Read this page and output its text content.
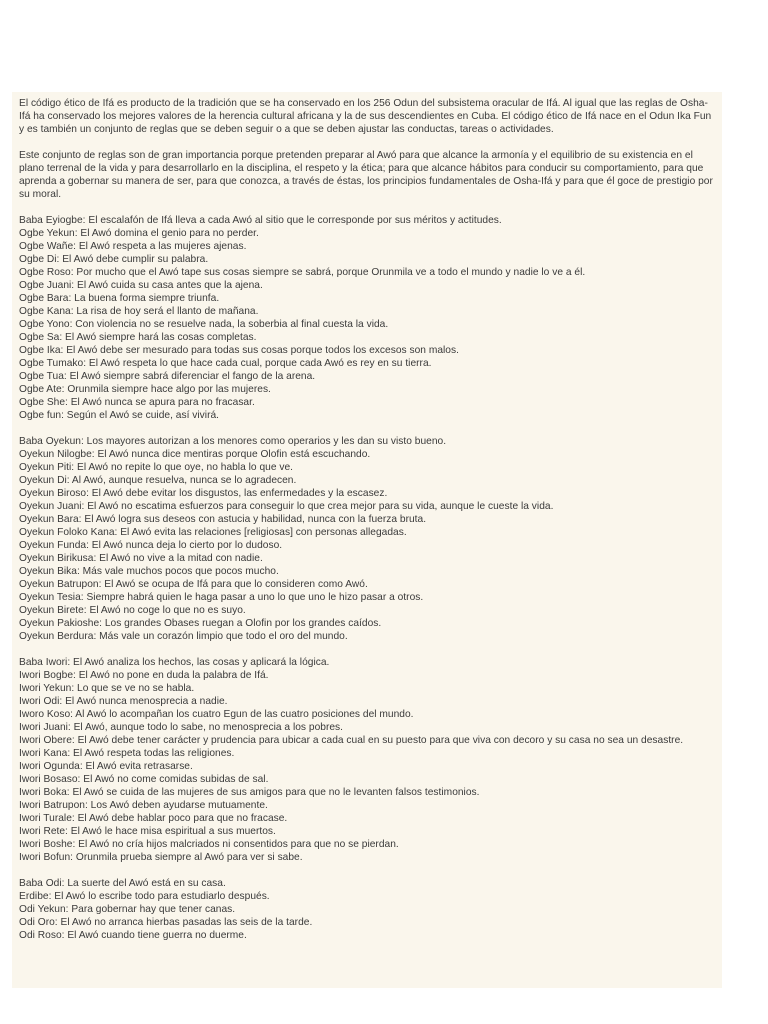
El código ético de Ifá es producto de la tradición que se ha conservado en los 256 Odun del subsistema oracular de Ifá. Al igual que las reglas de Osha-Ifá ha conservado los mejores valores de la herencia cultural africana y la de sus descendientes en Cuba. El código ético de Ifá nace en el Odun Ika Fun y es también un conjunto de reglas que se deben seguir o a que se deben ajustar las conductas, tareas o actividades.

Este conjunto de reglas son de gran importancia porque pretenden preparar al Awó para que alcance la armonía y el equilibrio de su existencia en el plano terrenal de la vida y para desarrollarlo en la disciplina, el respeto y la ética; para que alcance hábitos para conducir su comportamiento, para que aprenda a gobernar su manera de ser, para que conozca, a través de éstas, los principios fundamentales de Osha-Ifá y para que él goce de prestigio por su moral.

Baba Eyiogbe: El escalafón de Ifá lleva a cada Awó al sitio que le corresponde por sus méritos y actitudes.
Ogbe Yekun: El Awó domina el genio para no perder.
Ogbe Wañe: El Awó respeta a las mujeres ajenas.
Ogbe Di: El Awó debe cumplir su palabra.
Ogbe Roso: Por mucho que el Awó tape sus cosas siempre se sabrá, porque Orunmila ve a todo el mundo y nadie lo ve a él.
Ogbe Juani: El Awó cuida su casa antes que la ajena.
Ogbe Bara: La buena forma siempre triunfa.
Ogbe Kana: La risa de hoy será el llanto de mañana.
Ogbe Yono: Con violencia no se resuelve nada, la soberbia al final cuesta la vida.
Ogbe Sa: El Awó siempre hará las cosas completas.
Ogbe Ika: El Awó debe ser mesurado para todas sus cosas porque todos los excesos son malos.
Ogbe Tumako: El Awó respeta lo que hace cada cual, porque cada Awó es rey en su tierra.
Ogbe Tua: El Awó siempre sabrá diferenciar el fango de la arena.
Ogbe Ate: Orunmila siempre hace algo por las mujeres.
Ogbe She: El Awó nunca se apura para no fracasar.
Ogbe fun: Según el Awó se cuide, así vivirá.
Baba Oyekun: Los mayores autorizan a los menores como operarios y les dan su visto bueno.
Oyekun Nilogbe: El Awó nunca dice mentiras porque Olofin está escuchando.
Oyekun Piti: El Awó no repite lo que oye, no habla lo que ve.
Oyekun Di: Al Awó, aunque resuelva, nunca se lo agradecen.
Oyekun Biroso: El Awó debe evitar los disgustos, las enfermedades y la escasez.
Oyekun Juani: El Awó no escatima esfuerzos para conseguir lo que crea mejor para su vida, aunque le cueste la vida.
Oyekun Bara: El Awó logra sus deseos con astucia y habilidad, nunca con la fuerza bruta.
Oyekun Foloko Kana: El Awó evita las relaciones [religiosas] con personas allegadas.
Oyekun Funda: El Awó nunca deja lo cierto por lo dudoso.
Oyekun Birikusa: El Awó no vive a la mitad con nadie.
Oyekun Bika: Más vale muchos pocos que pocos mucho.
Oyekun Batrupon: El Awó se ocupa de Ifá para que lo consideren como Awó.
Oyekun Tesia: Siempre habrá quien le haga pasar a uno lo que uno le hizo pasar a otros.
Oyekun Birete: El Awó no coge lo que no es suyo.
Oyekun Pakioshe: Los grandes Obases ruegan a Olofin por los grandes caídos.
Oyekun Berdura: Más vale un corazón limpio que todo el oro del mundo.
Baba Iwori: El Awó analiza los hechos, las cosas y aplicará la lógica.
Iwori Bogbe: El Awó no pone en duda la palabra de Ifá.
Iwori Yekun: Lo que se ve no se habla.
Iwori Odi: El Awó nunca menosprecia a nadie.
Iworo Koso: Al Awó lo acompañan los cuatro Egun de las cuatro posiciones del mundo.
Iwori Juani: El Awó, aunque todo lo sabe, no menosprecia a los pobres.
Iwori Obere: El Awó debe tener carácter y prudencia para ubicar a cada cual en su puesto para que viva con decoro y su casa no sea un desastre.
Iwori Kana: El Awó respeta todas las religiones.
Iwori Ogunda: El Awó evita retrasarse.
Iwori Bosaso: El Awó no come comidas subidas de sal.
Iwori Boka: El Awó se cuida de las mujeres de sus amigos para que no le levanten falsos testimonios.
Iwori Batrupon: Los Awó deben ayudarse mutuamente.
Iwori Turale: El Awó debe hablar poco para que no fracase.
Iwori Rete: El Awó le hace misa espiritual a sus muertos.
Iwori Boshe: El Awó no cría hijos malcriados ni consentidos para que no se pierdan.
Iwori Bofun: Orunmila prueba siempre al Awó para ver si sabe.
Baba Odi: La suerte del Awó está en su casa.
Erdibe: El Awó lo escribe todo para estudiarlo después.
Odi Yekun: Para gobernar hay que tener canas.
Odi Oro: El Awó no arranca hierbas pasadas las seis de la tarde.
Odi Roso: El Awó cuando tiene guerra no duerme.
